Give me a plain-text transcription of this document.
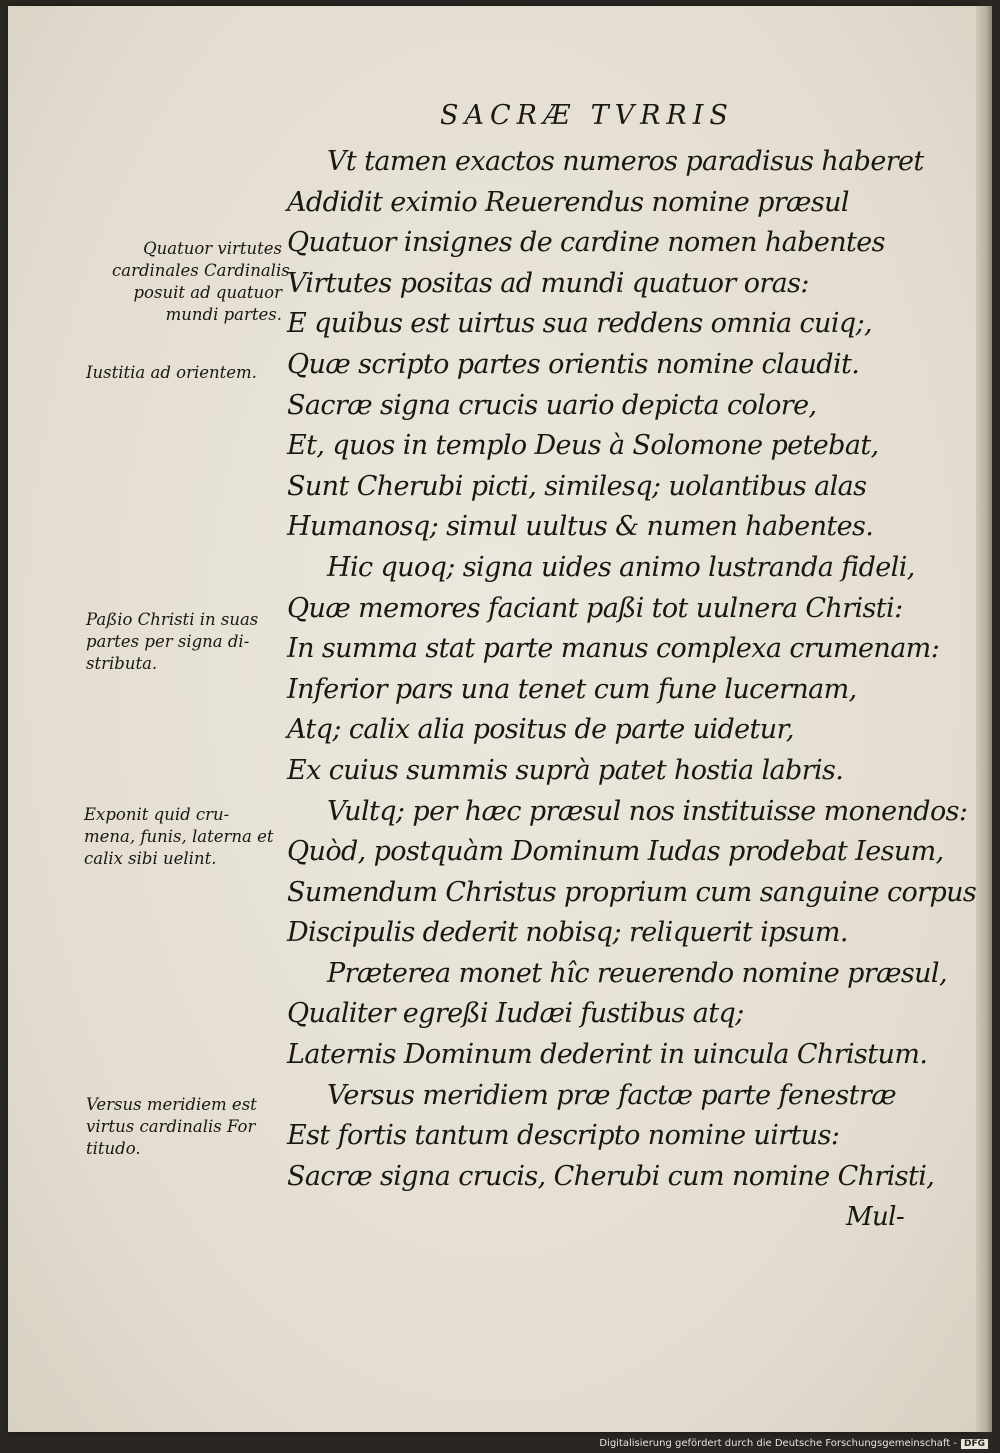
SACRÆ TVRRIS
Vt tamen exactos numeros paradisus haberet
Addidit eximio Reuerendus nomine præsul
Quatuor insignes de cardine nomen habentes
Virtutes positas ad mundi quatuor oras:
E quibus est uirtus sua reddens omnia cuiq;,
Quæ scripto partes orientis nomine claudit.
Sacræ signa crucis uario depicta colore,
Et, quos in templo Deus à Solomone petebat,
Sunt Cherubi picti, similesq; uolantibus alas
Humanosq; simul uultus & numen habentes.
Hic quoq; signa uides animo lustranda fideli,
Quæ memores faciant paßi tot uulnera Christi:
In summa stat parte manus complexa crumenam:
Inferior pars una tenet cum fune lucernam,
Atq; calix alia positus de parte uidetur,
Ex cuius summis suprà patet hostia labris.
Vultq; per hæc præsul nos instituisse monendos:
Quòd, postquàm Dominum Iudas prodebat Iesum,
Sumendum Christus proprium cum sanguine corpus
Discipulis dederit nobisq; reliquerit ipsum.
Præterea monet hîc reuerendo nomine præsul,
Qualiter egreßi Iudæi fustibus atq;
Laternis Dominum dederint in uincula Christum.
Versus meridiem præ factæ parte fenestræ
Est fortis tantum descripto nomine uirtus:
Sacræ signa crucis, Cherubi cum nomine Christi,
Mul-
Quatuor virtutes
cardinales Cardinalis
posuit ad quatuor
mundi partes.
Iustitia ad orientem.
Paßio Christi in suas
partes per signa di-
stributa.
Exponit quid cru-
mena, funis, laterna et
calix sibi uelint.
Versus meridiem est
virtus cardinalis For
titudo.
Digitalisierung gefördert durch die Deutsche Forschungsgemeinschaft - DFG
